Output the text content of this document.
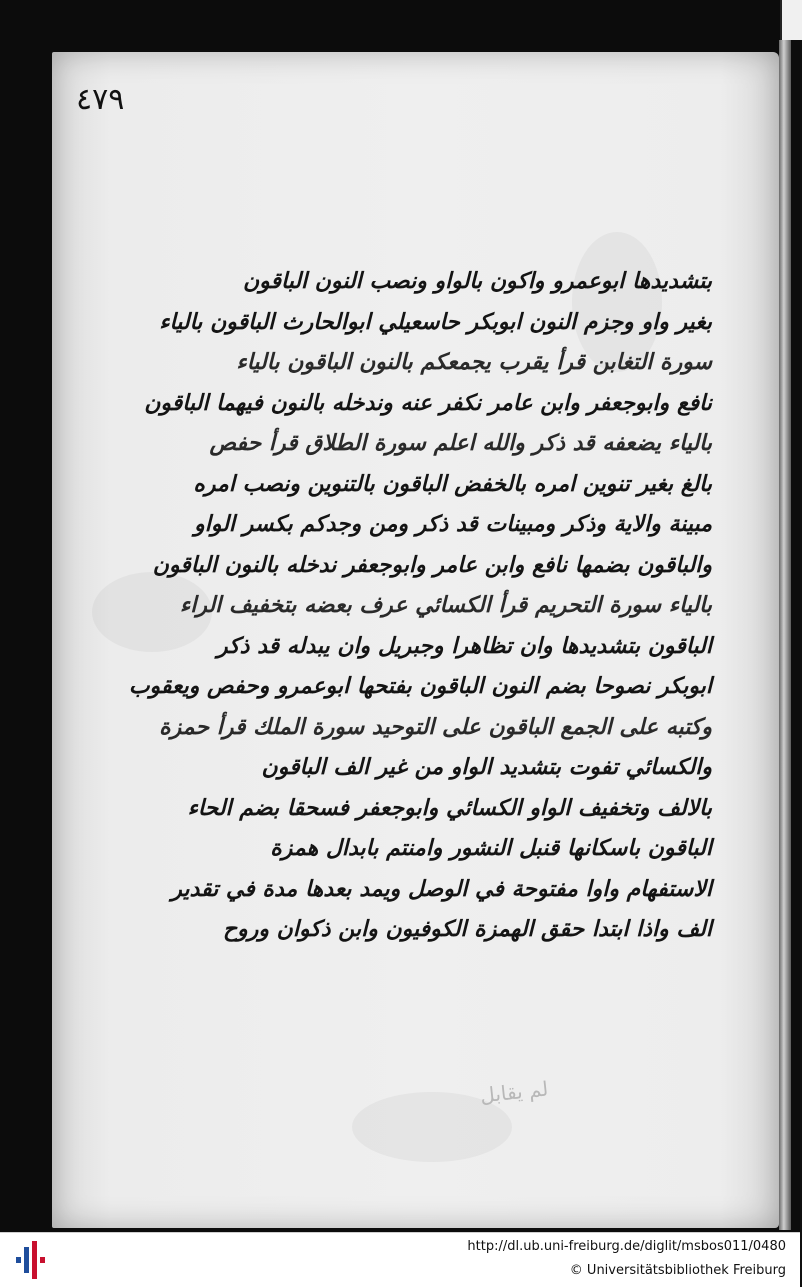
٤٧٩
بتشديدها ابوعمرو واكون بالواو ونصب النون الباقون
بغير واو وجزم النون ابوبكر حاسعيلي ابوالحارث الباقون بالياء
سورة التغابن قرأ يقرب يجمعكم بالنون الباقون بالياء
نافع وابوجعفر وابن عامر نكفر عنه وندخله بالنون فيهما الباقون
بالياء يضعفه قد ذكر والله اعلم سورة الطلاق قرأ حفص
بالغ بغير تنوين امره بالخفض الباقون بالتنوين ونصب امره
مبينة والاية وذكر ومبينات قد ذكر ومن وجدكم بكسر الواو
والباقون بضمها نافع وابن عامر وابوجعفر ندخله بالنون الباقون
بالياء سورة التحريم قرأ الكسائي عرف بعضه بتخفيف الراء
الباقون بتشديدها وان تظاهرا وجبريل وان يبدله قد ذكر
ابوبكر نصوحا بضم النون الباقون بفتحها ابوعمرو وحفص ويعقوب
وكتبه على الجمع الباقون على التوحيد سورة الملك قرأ حمزة
والكسائي تفوت بتشديد الواو من غير الف الباقون
بالالف وتخفيف الواو الكسائي وابوجعفر فسحقا بضم الحاء
الباقون باسكانها قنبل النشور وامنتم بابدال همزة
الاستفهام واوا مفتوحة في الوصل ويمد بعدها مدة في تقدير
الف واذا ابتدا حقق الهمزة الكوفيون وابن ذكوان وروح
لم يقابل
http://dl.ub.uni-freiburg.de/diglit/msbos011/0480
© Universitätsbibliothek Freiburg
